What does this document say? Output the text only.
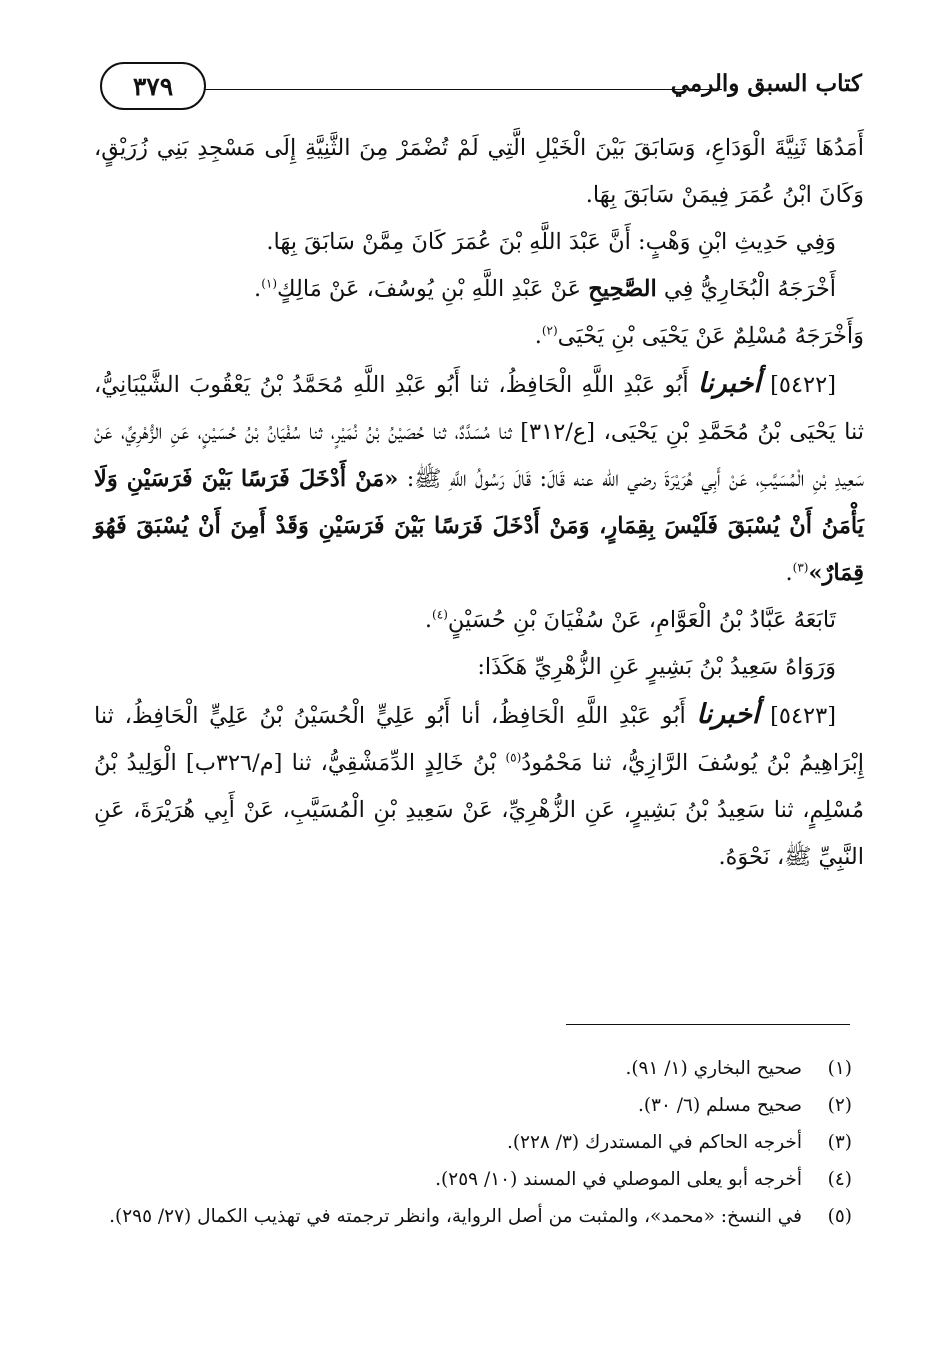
٣٧٩	كتاب السبق والرمي

أَمَدُهَا ثَنِيَّةَ الْوَدَاعِ، وَسَابَقَ بَيْنَ الْخَيْلِ الَّتِي لَمْ تُضْمَرْ مِنَ الثَّنِيَّةِ إِلَى مَسْجِدِ بَنِي زُرَيْقٍ، وَكَانَ ابْنُ عُمَرَ فِيمَنْ سَابَقَ بِهَا.

وَفِي حَدِيثِ ابْنِ وَهْبٍ: أَنَّ عَبْدَ اللَّهِ بْنَ عُمَرَ كَانَ مِمَّنْ سَابَقَ بِهَا.

أَخْرَجَهُ الْبُخَارِيُّ فِي الصَّحِيحِ عَنْ عَبْدِ اللَّهِ بْنِ يُوسُفَ، عَنْ مَالِكٍ$^{(١)}$.

وَأَخْرَجَهُ مُسْلِمٌ عَنْ يَحْيَى بْنِ يَحْيَى$^{(٢)}$.

[٥٤٢٢] أخبرنا أَبُو عَبْدِ اللَّهِ الْحَافِظُ، ثنا أَبُو عَبْدِ اللَّهِ مُحَمَّدُ بْنُ يَعْقُوبَ الشَّيْبَانِيُّ، ثنا يَحْيَى بْنُ مُحَمَّدِ بْنِ يَحْيَى، [ع/٣١٢] ثنا مُسَدَّدٌ، ثنا حُصَيْنُ بْنُ نُمَيْرٍ، ثنا سُفْيَانُ بْنُ حُسَيْنٍ، عَنِ الزُّهْرِيِّ، عَنْ سَعِيدِ بْنِ الْمُسَيَّبِ، عَنْ أَبِي هُرَيْرَةَ رضي الله عنه قَالَ: قَالَ رَسُولُ اللَّهِ ﷺ: «مَنْ أَدْخَلَ فَرَسًا بَيْنَ فَرَسَيْنِ وَلَا يَأْمَنُ أَنْ يُسْبَقَ فَلَيْسَ بِقِمَارٍ، وَمَنْ أَدْخَلَ فَرَسًا بَيْنَ فَرَسَيْنِ وَقَدْ أَمِنَ أَنْ يُسْبَقَ فَهُوَ قِمَارٌ»$^{(٣)}$.

تَابَعَهُ عَبَّادُ بْنُ الْعَوَّامِ، عَنْ سُفْيَانَ بْنِ حُسَيْنٍ$^{(٤)}$.

وَرَوَاهُ سَعِيدُ بْنُ بَشِيرٍ عَنِ الزُّهْرِيِّ هَكَذَا:

[٥٤٢٣] أخبرنا أَبُو عَبْدِ اللَّهِ الْحَافِظُ، أنا أَبُو عَلِيٍّ الْحُسَيْنُ بْنُ عَلِيٍّ الْحَافِظُ، ثنا إِبْرَاهِيمُ بْنُ يُوسُفَ الرَّازِيُّ، ثنا مَحْمُودُ$^{(٥)}$ بْنُ خَالِدٍ الدِّمَشْقِيُّ، ثنا [م/٣٢٦ب] الْوَلِيدُ بْنُ مُسْلِمٍ، ثنا سَعِيدُ بْنُ بَشِيرٍ، عَنِ الزُّهْرِيِّ، عَنْ سَعِيدِ بْنِ الْمُسَيَّبِ، عَنْ أَبِي هُرَيْرَةَ، عَنِ النَّبِيِّ ﷺ، نَحْوَهُ.

(١)
صحيح البخاري (١/ ٩١).
(٢)
صحيح مسلم (٦/ ٣٠).
(٣)
أخرجه الحاكم في المستدرك (٣/ ٢٢٨).
(٤)
أخرجه أبو يعلى الموصلي في المسند (١٠/ ٢٥٩).
(٥)
في النسخ: «محمد»، والمثبت من أصل الرواية، وانظر ترجمته في تهذيب الكمال (٢٧/ ٢٩٥).
